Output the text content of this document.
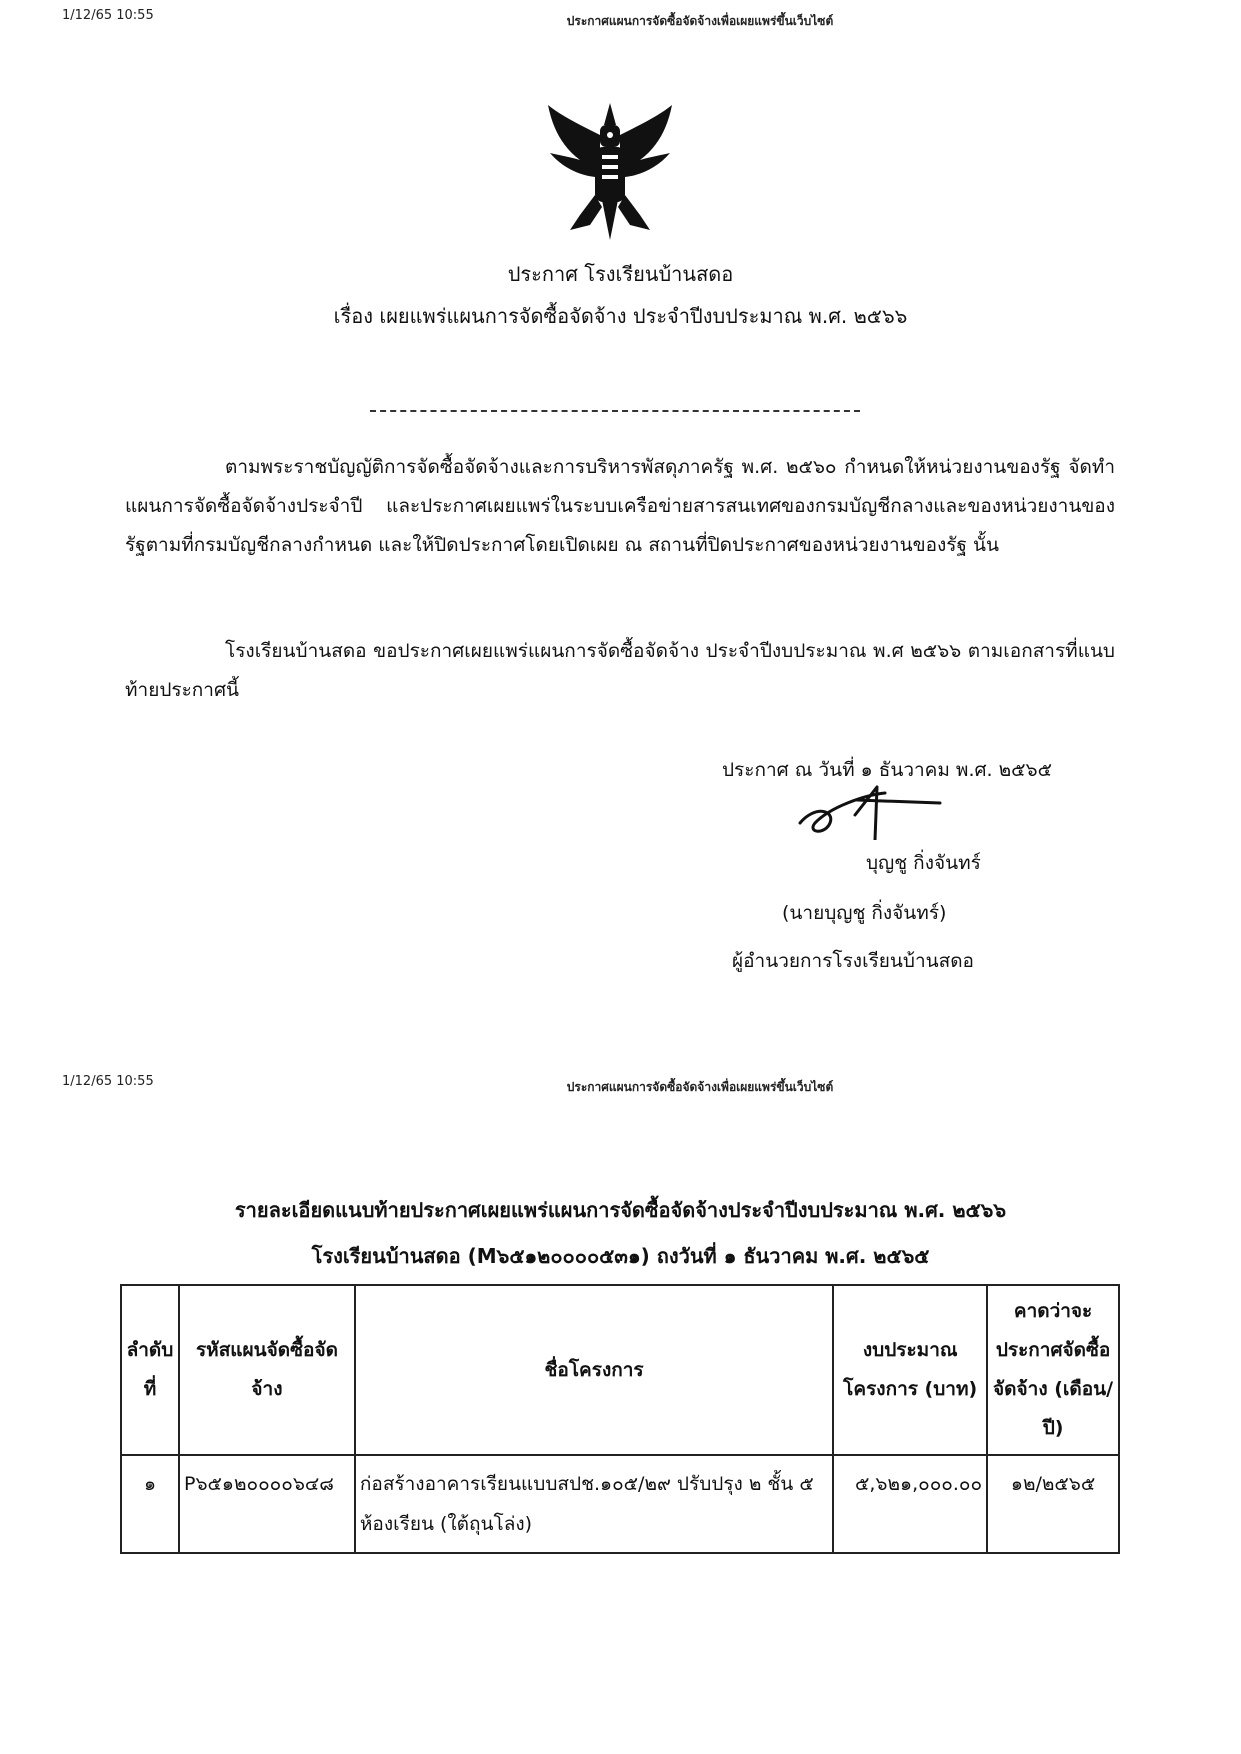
1/12/65 10:55	ประกาศแผนการจัดซื้อจัดจ้างเพื่อเผยแพร่ขึ้นเว็บไซต์
ประกาศ โรงเรียนบ้านสดอ
เรื่อง เผยแพร่แผนการจัดซื้อจัดจ้าง ประจำปีงบประมาณ พ.ศ. ๒๕๖๖
ตามพระราชบัญญัติการจัดซื้อจัดจ้างและการบริหารพัสดุภาครัฐ พ.ศ. ๒๕๖๐ กำหนดให้หน่วยงานของรัฐ จัดทำแผนการจัดซื้อจัดจ้างประจำปี และประกาศเผยแพร่ในระบบเครือข่ายสารสนเทศของกรมบัญชีกลางและของหน่วยงานของรัฐตามที่กรมบัญชีกลางกำหนด และให้ปิดประกาศโดยเปิดเผย ณ สถานที่ปิดประกาศของหน่วยงานของรัฐ นั้น
โรงเรียนบ้านสดอ ขอประกาศเผยแพร่แผนการจัดซื้อจัดจ้าง ประจำปีงบประมาณ พ.ศ ๒๕๖๖ ตามเอกสารที่แนบท้ายประกาศนี้
ประกาศ ณ วันที่ ๑ ธันวาคม พ.ศ. ๒๕๖๕
บุญชู กิ่งจันทร์
(นายบุญชู กิ่งจันทร์)
ผู้อำนวยการโรงเรียนบ้านสดอ
1/12/65 10:55	ประกาศแผนการจัดซื้อจัดจ้างเพื่อเผยแพร่ขึ้นเว็บไซต์
รายละเอียดแนบท้ายประกาศเผยแพร่แผนการจัดซื้อจัดจ้างประจำปีงบประมาณ พ.ศ. ๒๕๖๖
โรงเรียนบ้านสดอ (M๖๕๑๒๐๐๐๐๕๓๑) ถงวันที่ ๑ ธันวาคม พ.ศ. ๒๕๖๕
ลำดับที่	รหัสแผนจัดซื้อจัดจ้าง	ชื่อโครงการ	งบประมาณโครงการ (บาท)	คาดว่าจะประกาศจัดซื้อจัดจ้าง (เดือน/ปี)
๑	P๖๕๑๒๐๐๐๐๖๔๘	ก่อสร้างอาคารเรียนแบบสปช.๑๐๕/๒๙ ปรับปรุง ๒ ชั้น ๕ ห้องเรียน (ใต้ถุนโล่ง)	๕,๖๒๑,๐๐๐.๐๐	๑๒/๒๕๖๕
